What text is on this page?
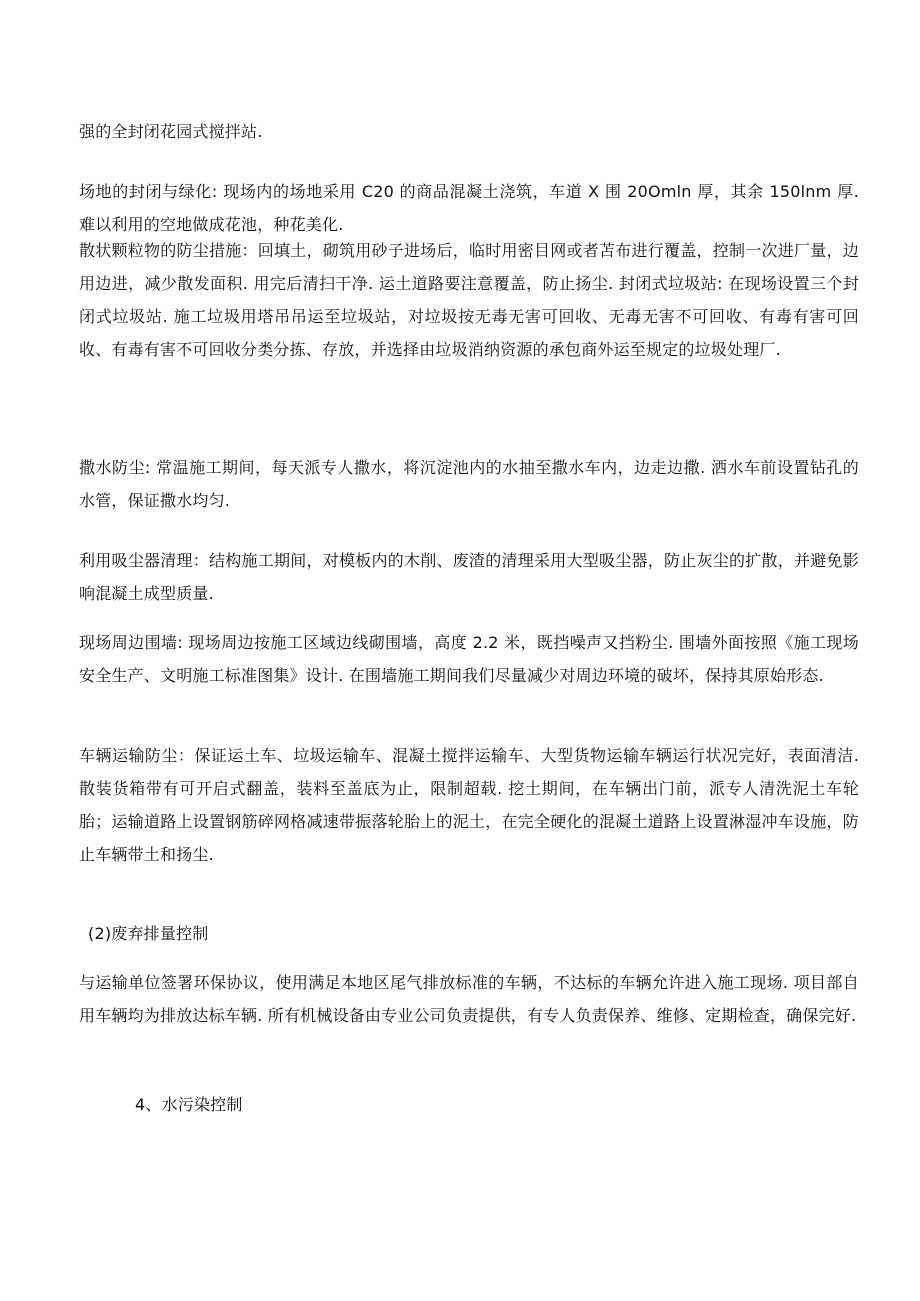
强的全封闭花园式搅拌站.
场地的封闭与绿化: 现场内的场地采用 C20 的商品混凝土浇筑，车道 X 围 20Omln 厚，其余 150lnm 厚. 难以利用的空地做成花池，种花美化.
散状颗粒物的防尘措施：回填土，砌筑用砂子进场后，临时用密目网或者苫布进行覆盖，控制一次进厂量，边用边进，减少散发面积. 用完后清扫干净. 运土道路要注意覆盖，防止扬尘. 封闭式垃圾站: 在现场设置三个封闭式垃圾站. 施工垃圾用塔吊吊运至垃圾站，对垃圾按无毒无害可回收、无毒无害不可回收、有毒有害可回收、有毒有害不可回收分类分拣、存放，并选择由垃圾消纳资源的承包商外运至规定的垃圾处理厂.
撒水防尘: 常温施工期间，每天派专人撒水，将沉淀池内的水抽至撒水车内，边走边撒. 洒水车前设置钻孔的水管，保证撒水均匀.
利用吸尘器清理：结构施工期间，对模板内的木削、废渣的清理采用大型吸尘器，防止灰尘的扩散，并避免影响混凝土成型质量.
现场周边围墙: 现场周边按施工区域边线砌围墙，高度 2.2 米，既挡噪声又挡粉尘. 围墙外面按照《施工现场安全生产、文明施工标准图集》设计. 在围墙施工期间我们尽量减少对周边环境的破坏，保持其原始形态.
车辆运输防尘：保证运土车、垃圾运输车、混凝土搅拌运输车、大型货物运输车辆运行状况完好，表面清洁. 散装货箱带有可开启式翻盖，装料至盖底为止，限制超载. 挖土期间，在车辆出门前，派专人清洗泥土车轮胎；运输道路上设置钢筋碎网格减速带振落轮胎上的泥土，在完全硬化的混凝土道路上设置淋湿冲车设施，防止车辆带土和扬尘.
(2)废弃排量控制
与运输单位签署环保协议，使用满足本地区尾气排放标准的车辆，不达标的车辆允许进入施工现场. 项目部自用车辆均为排放达标车辆. 所有机械设备由专业公司负责提供，有专人负责保养、维修、定期检查，确保完好.
4、水污染控制
